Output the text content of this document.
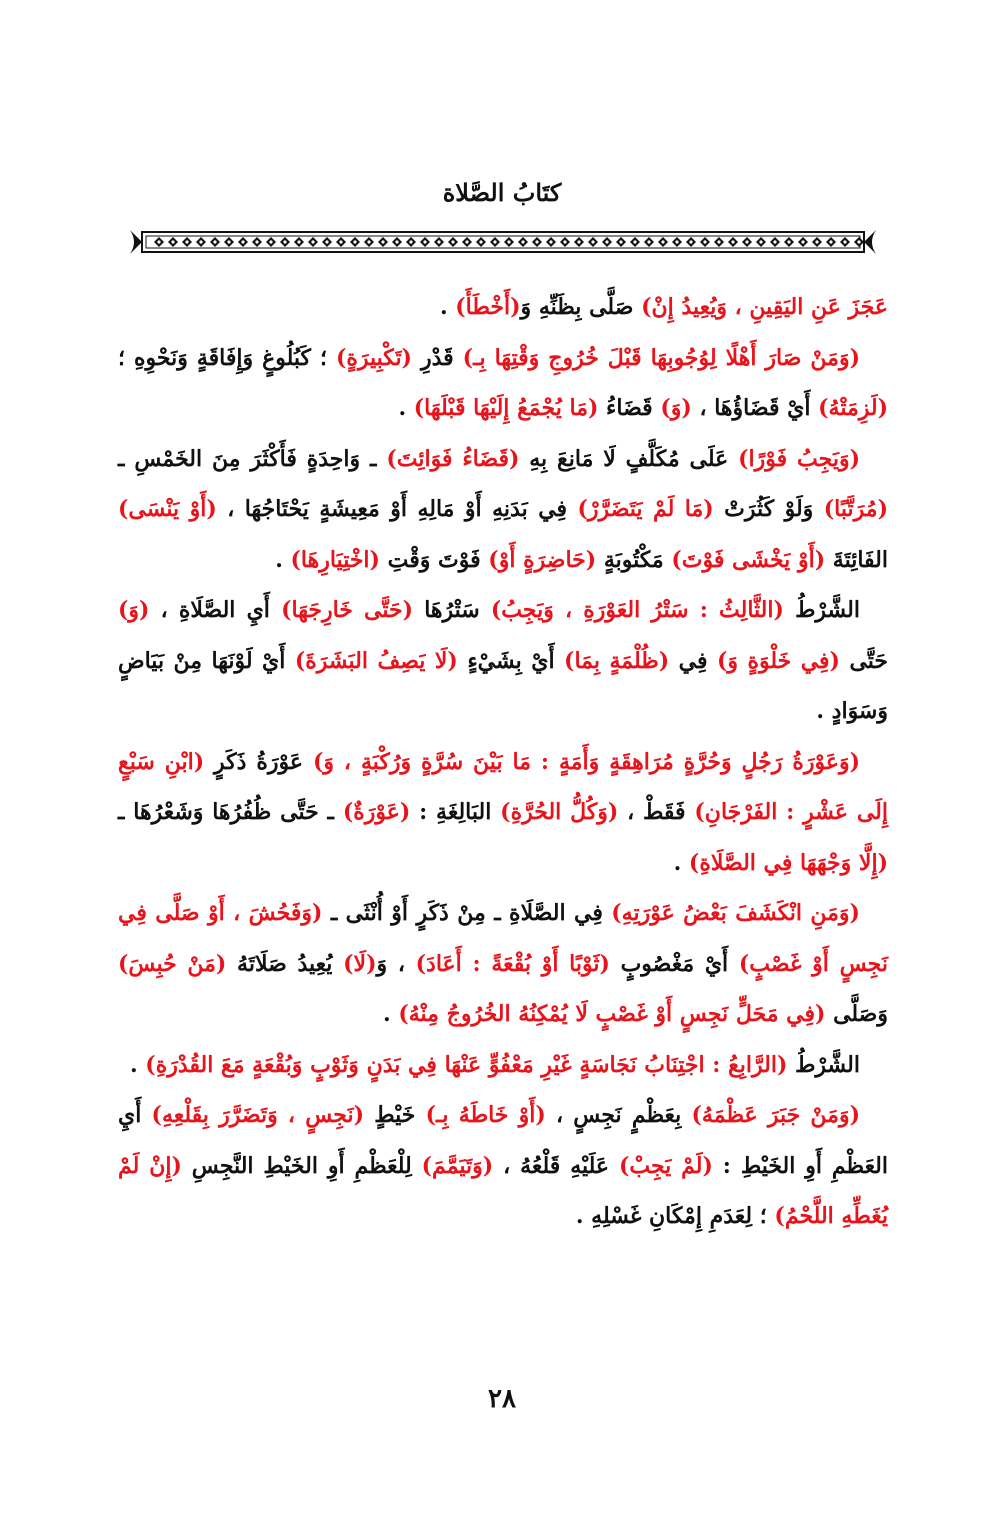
كتَابُ الصَّلاة

عَجَزَ عَنِ اليَقِينِ ، وَيُعِيدُ إِنْ) صَلَّى بِظَنِّهِ وَ(أَخْطَأَ) .

(وَمَنْ صَارَ أَهْلًا لِوُجُوبِهَا قَبْلَ خُرُوجِ وَقْتِهَا بِـ) قَدْرِ (تَكْبِيرَةٍ) ؛ كَبُلُوغٍ وَإِفَاقَةٍ وَنَحْوِهِ ؛ (لَزِمَتْهُ) أَيْ قَضَاؤُهَا ، (وَ) قَضَاءُ (مَا يُجْمَعُ إِلَيْهَا قَبْلَهَا) .

(وَيَجِبُ فَوْرًا) عَلَى مُكَلَّفٍ لَا مَانِعَ بِهِ (قَضَاءُ فَوَائِتَ) ـ وَاحِدَةٍ فَأَكْثَرَ مِنَ الخَمْسِ ـ (مُرَتَّبًا) وَلَوْ كَثُرَتْ (مَا لَمْ يَتَضَرَّرْ) فِي بَدَنِهِ أَوْ مَالِهِ أَوْ مَعِيشَةٍ يَحْتَاجُهَا ، (أَوْ يَنْسَى) الفَائِتَةَ (أَوْ يَخْشَى فَوْتَ) مَكْتُوبَةٍ (حَاضِرَةٍ أَوْ) فَوْتَ وَقْتِ (اخْتِيَارِهَا) .

الشَّرْطُ (الثَّالِثُ : سَتْرُ العَوْرَةِ ، وَيَجِبُ) سَتْرُهَا (حَتَّى خَارِجَهَا) أَيِ الصَّلَاةِ ، (وَ) حَتَّى (فِي خَلْوَةٍ وَ) فِي (ظُلْمَةٍ بِمَا) أَيْ بِشَيْءٍ (لَا يَصِفُ البَشَرَةَ) أَيْ لَوْنَهَا مِنْ بَيَاضٍ وَسَوَادٍ .

(وَعَوْرَةُ رَجُلٍ وَحُرَّةٍ مُرَاهِقَةٍ وَأَمَةٍ : مَا بَيْنَ سُرَّةٍ وَرُكْبَةٍ ، وَ) عَوْرَةُ ذَكَرٍ (ابْنِ سَبْعٍ إِلَى عَشْرٍ : الفَرْجَانِ) فَقَطْ ، (وَكُلُّ الحُرَّةِ) البَالِغَةِ : (عَوْرَةٌ) ـ حَتَّى ظُفُرُهَا وَشَعْرُهَا ـ (إِلَّا وَجْهَهَا فِي الصَّلَاةِ) .

(وَمَنِ انْكَشَفَ بَعْضُ عَوْرَتِهِ) فِي الصَّلَاةِ ـ مِنْ ذَكَرٍ أَوْ أُنْثَى ـ (وَفَحُشَ ، أَوْ صَلَّى فِي نَجِسٍ أَوْ غَصْبٍ) أَيْ مَغْصُوبٍ (ثَوْبًا أَوْ بُقْعَةً : أَعَادَ) ، وَ(لَا) يُعِيدُ صَلَاتَهُ (مَنْ حُبِسَ) وَصَلَّى (فِي مَحَلٍّ نَجِسٍ أَوْ غَصْبٍ لَا يُمْكِنُهُ الخُرُوجُ مِنْهُ) .

الشَّرْطُ (الرَّابِعُ : اجْتِنَابُ نَجَاسَةٍ غَيْرِ مَعْفُوٍّ عَنْهَا فِي بَدَنٍ وَثَوْبٍ وَبُقْعَةٍ مَعَ القُدْرَةِ) .

(وَمَنْ جَبَرَ عَظْمَهُ) بِعَظْمٍ نَجِسٍ ، (أَوْ خَاطَهُ بِـ) خَيْطٍ (نَجِسٍ ، وَتَضَرَّرَ بِقَلْعِهِ) أَيِ العَظْمِ أَوِ الخَيْطِ : (لَمْ يَجِبْ) عَلَيْهِ قَلْعُهُ ، (وَتَيَمَّمَ) لِلْعَظْمِ أَوِ الخَيْطِ النَّجِسِ (إِنْ لَمْ يُغَطِّهِ اللَّحْمُ) ؛ لِعَدَمِ إِمْكَانِ غَسْلِهِ .

٢٨
